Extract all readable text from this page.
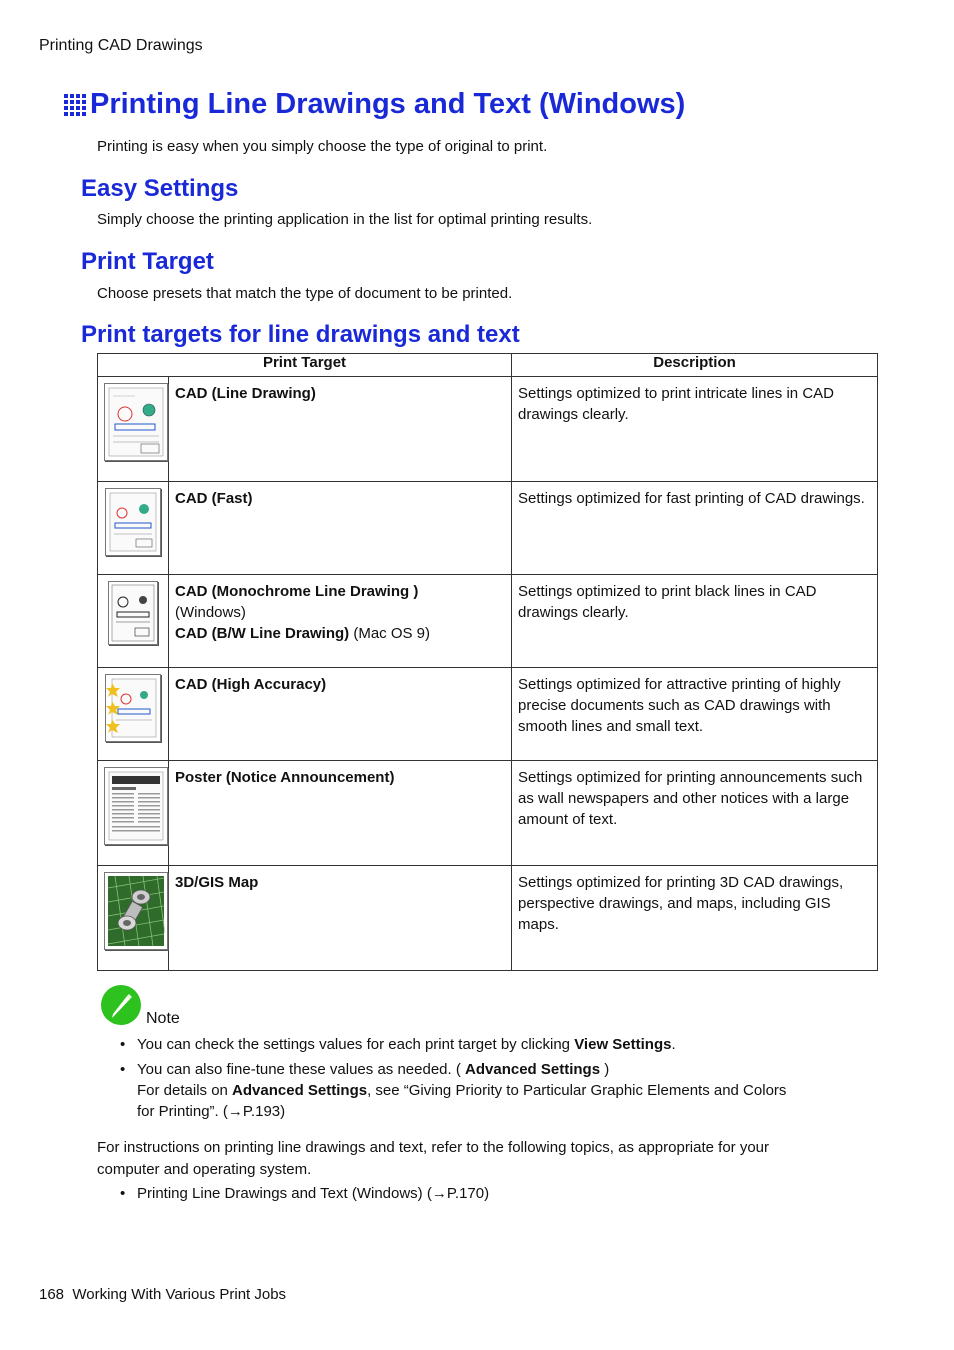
Printing CAD Drawings
Printing Line Drawings and Text (Windows)
Printing is easy when you simply choose the type of original to print.
Easy Settings
Simply choose the printing application in the list for optimal printing results.
Print Target
Choose presets that match the type of document to be printed.
Print targets for line drawings and text
Print Target		Description

	CAD (Line Drawing)	Settings optimized to print intricate lines in CAD drawings clearly.

	CAD (Fast)	Settings optimized for fast printing of CAD drawings.

	CAD (Monochrome Line Drawing )
(Windows)
CAD (B/W Line Drawing) (Mac OS 9)	Settings optimized to print black lines in CAD drawings clearly.

	CAD (High Accuracy)	Settings optimized for attractive printing of highly precise documents such as CAD drawings with smooth lines and small text.

	Poster (Notice Announcement)	Settings optimized for printing announcements such as wall newspapers and other notices with a large amount of text.

	3D/GIS Map	Settings optimized for printing 3D CAD drawings, perspective drawings, and maps, including GIS maps.
Note
• You can check the settings values for each print target by clicking View Settings.
• You can also fine-tune these values as needed. ( Advanced Settings )
For details on Advanced Settings, see “Giving Priority to Particular Graphic Elements and Colors
for Printing”. (→P.193)
For instructions on printing line drawings and text, refer to the following topics, as appropriate for your
computer and operating system.
• Printing Line Drawings and Text (Windows) (→P.170)
168 Working With Various Print Jobs
